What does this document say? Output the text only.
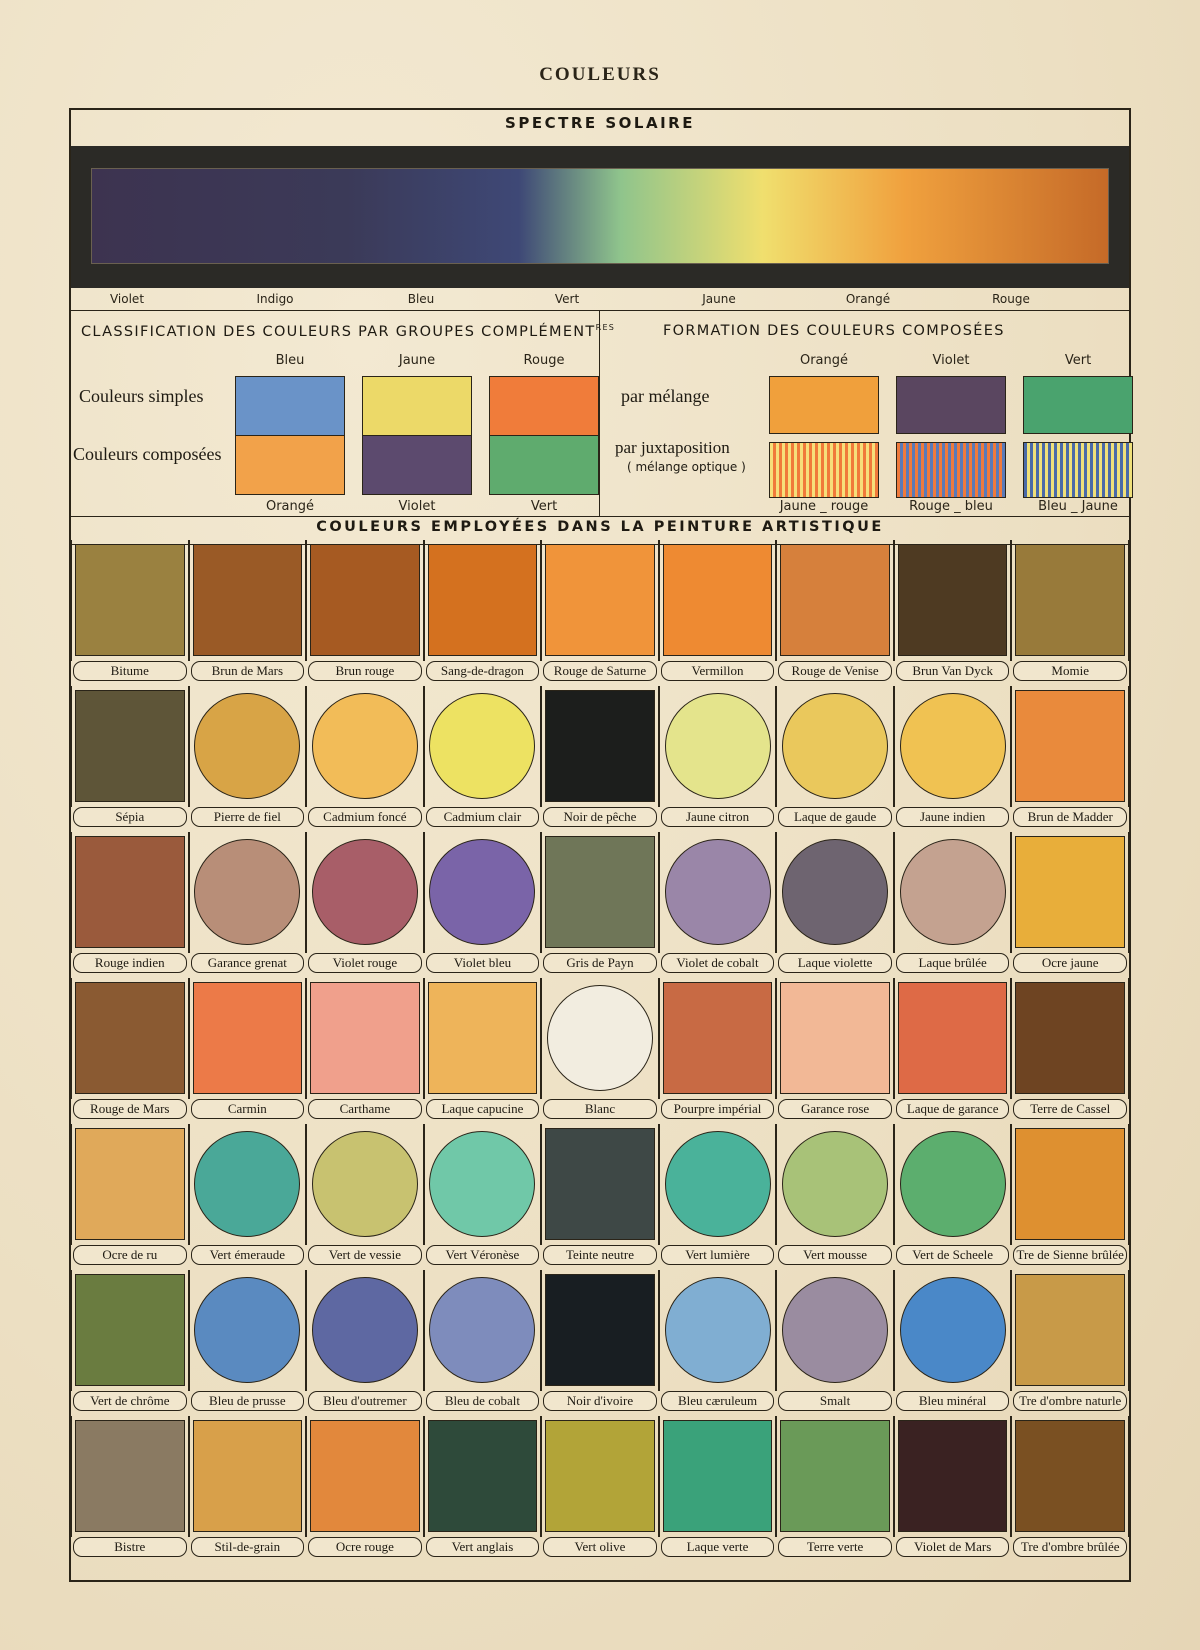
COULEURS
SPECTRE SOLAIRE
Violet	Indigo	Bleu	Vert	Jaune	Orangé	Rouge
CLASSIFICATION DES COULEURS PAR GROUPES $COMPLÉMENT^{RES}$
Couleurs simples
Couleurs composées
Bleu
Orangé
Jaune
Violet
Rouge
Vert
FORMATION DES COULEURS COMPOSÉES
par mélange
par juxtaposition
( mélange optique )
Orangé
Jaune _ rouge
Violet
Rouge _ bleu
Vert
Bleu _ Jaune
COULEURS EMPLOYÉES DANS LA PEINTURE ARTISTIQUE
Bitume	Brun de Mars	Brun rouge	Sang-de-dragon	Rouge de Saturne	Vermillon	Rouge de Venise	Brun Van Dyck	Momie
Sépia	Pierre de fiel	Cadmium foncé	Cadmium clair	Noir de pêche	Jaune citron	Laque de gaude	Jaune indien	Brun de Madder
Rouge indien	Garance grenat	Violet rouge	Violet bleu	Gris de Payn	Violet de cobalt	Laque violette	Laque brûlée	Ocre jaune
Rouge de Mars	Carmin	Carthame	Laque capucine	Blanc	Pourpre impérial	Garance rose	Laque de garance	Terre de Cassel
Ocre de ru	Vert émeraude	Vert de vessie	Vert Véronèse	Teinte neutre	Vert lumière	Vert mousse	Vert de Scheele	Tre de Sienne brûlée
Vert de chrôme	Bleu de prusse	Bleu d'outremer	Bleu de cobalt	Noir d'ivoire	Bleu cæruleum	Smalt	Bleu minéral	Tre d'ombre naturle
Bistre	Stil-de-grain	Ocre rouge	Vert anglais	Vert olive	Laque verte	Terre verte	Violet de Mars	Tre d'ombre brûlée
